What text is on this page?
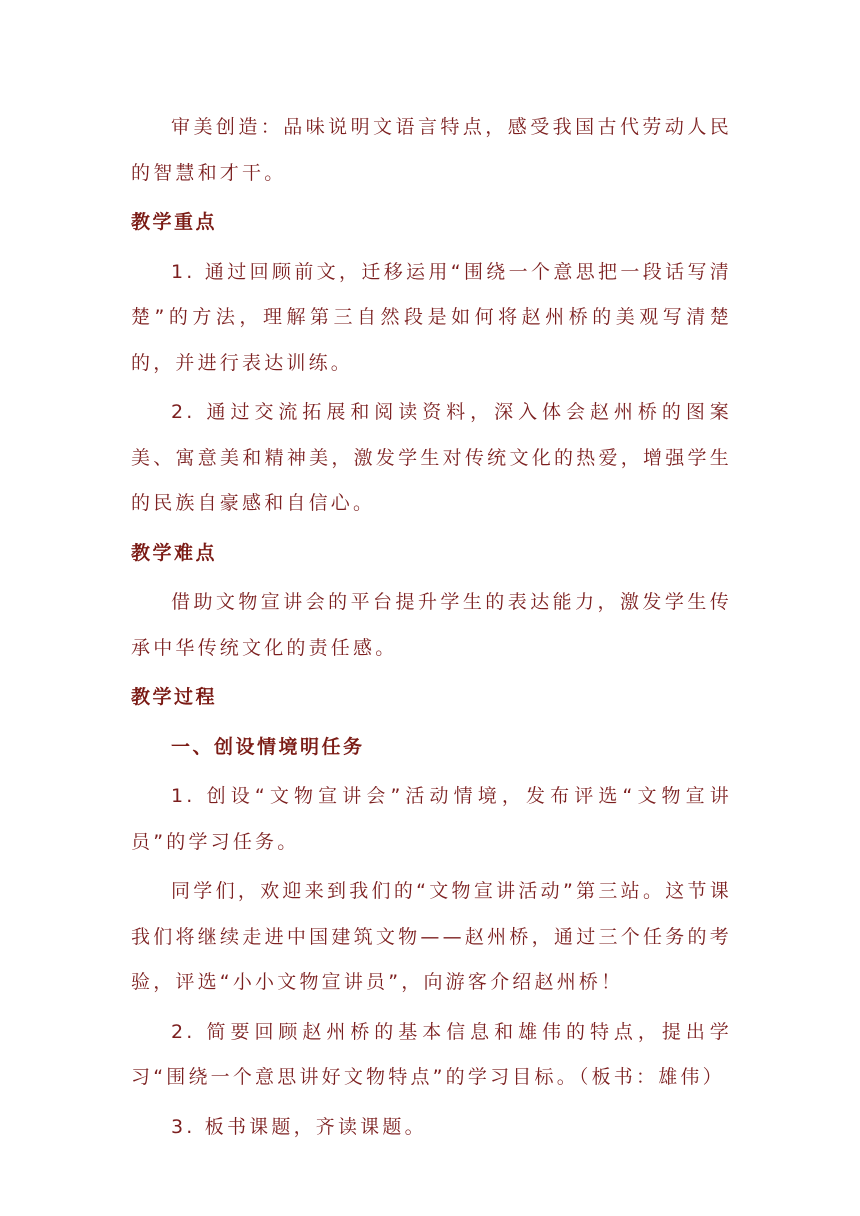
审美创造：品味说明文语言特点，感受我国古代劳动人民的智慧和才干。

教学重点

1. 通过回顾前文，迁移运用“围绕一个意思把一段话写清楚”的方法，理解第三自然段是如何将赵州桥的美观写清楚的，并进行表达训练。

2. 通过交流拓展和阅读资料，深入体会赵州桥的图案美、寓意美和精神美，激发学生对传统文化的热爱，增强学生的民族自豪感和自信心。

教学难点

借助文物宣讲会的平台提升学生的表达能力，激发学生传承中华传统文化的责任感。

教学过程

一、创设情境明任务

1. 创设“文物宣讲会”活动情境，发布评选“文物宣讲员”的学习任务。

同学们，欢迎来到我们的“文物宣讲活动”第三站。这节课我们将继续走进中国建筑文物——赵州桥，通过三个任务的考验，评选“小小文物宣讲员”，向游客介绍赵州桥！

2. 简要回顾赵州桥的基本信息和雄伟的特点，提出学习“围绕一个意思讲好文物特点”的学习目标。（板书：雄伟）

3. 板书课题，齐读课题。
